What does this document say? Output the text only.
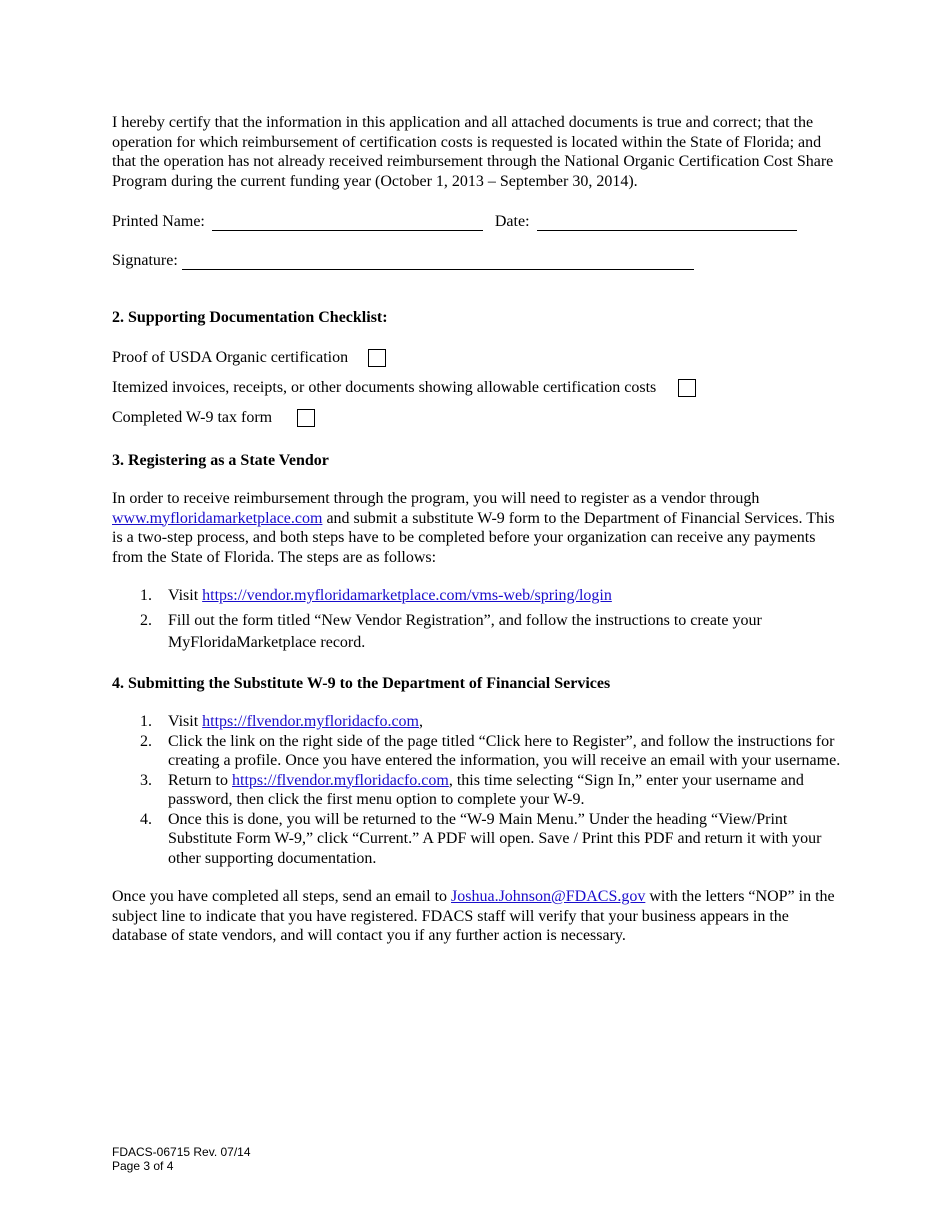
I hereby certify that the information in this application and all attached documents is true and correct; that the operation for which reimbursement of certification costs is requested is located within the State of Florida; and that the operation has not already received reimbursement through the National Organic Certification Cost Share Program during the current funding year (October 1, 2013 – September 30, 2014).

Printed Name:	Date:
Signature:
2. Supporting Documentation Checklist:
Proof of USDA Organic certification
Itemized invoices, receipts, or other documents showing allowable certification costs
Completed W-9 tax form
3. Registering as a State Vendor

In order to receive reimbursement through the program, you will need to register as a vendor through www.myfloridamarketplace.com and submit a substitute W-9 form to the Department of Financial Services. This is a two-step process, and both steps have to be completed before your organization can receive any payments from the State of Florida. The steps are as follows:

1. Visit https://vendor.myfloridamarketplace.com/vms-web/spring/login
2. Fill out the form titled “New Vendor Registration”, and follow the instructions to create your MyFloridaMarketplace record.
4. Submitting the Substitute W-9 to the Department of Financial Services
1. Visit https://flvendor.myfloridacfo.com,
2. Click the link on the right side of the page titled “Click here to Register”, and follow the instructions for creating a profile. Once you have entered the information, you will receive an email with your username.
3. Return to https://flvendor.myfloridacfo.com, this time selecting “Sign In,” enter your username and password, then click the first menu option to complete your W-9.
4. Once this is done, you will be returned to the “W-9 Main Menu.” Under the heading “View/Print Substitute Form W-9,” click “Current.” A PDF will open. Save / Print this PDF and return it with your other supporting documentation.

Once you have completed all steps, send an email to Joshua.Johnson@FDACS.gov with the letters “NOP” in the subject line to indicate that you have registered. FDACS staff will verify that your business appears in the database of state vendors, and will contact you if any further action is necessary.

FDACS-06715 Rev. 07/14
Page 3 of 4
